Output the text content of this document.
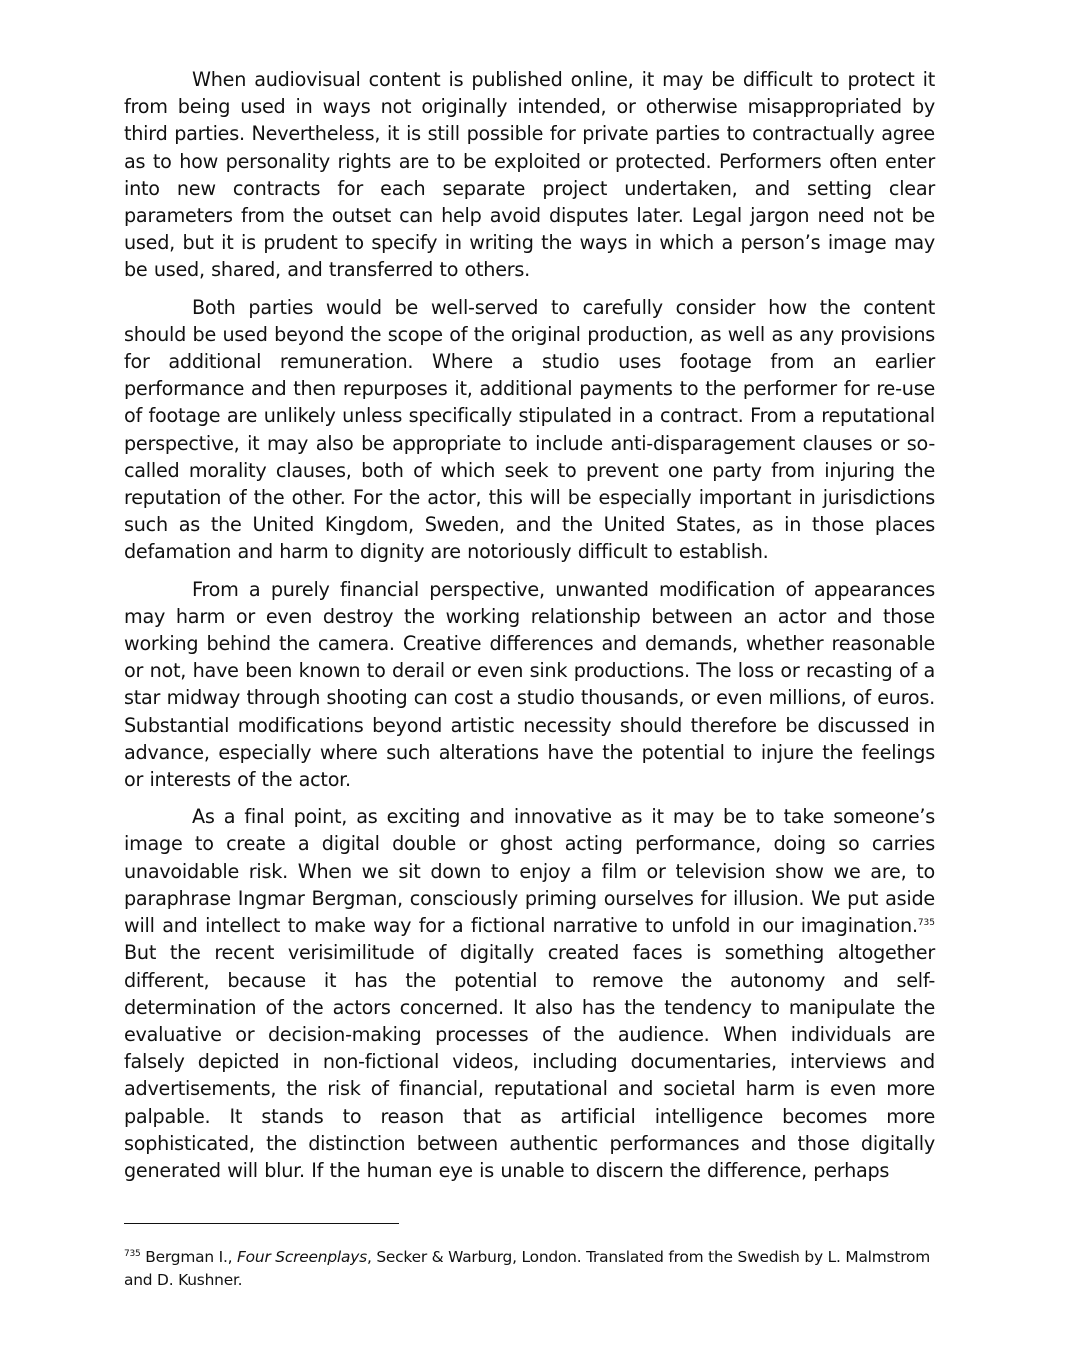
When audiovisual content is published online, it may be difficult to protect it from being used in ways not originally intended, or otherwise misappropriated by third parties. Nevertheless, it is still possible for private parties to contractually agree as to how personality rights are to be exploited or protected. Performers often enter into new contracts for each separate project undertaken, and setting clear parameters from the outset can help avoid disputes later. Legal jargon need not be used, but it is prudent to specify in writing the ways in which a person’s image may be used, shared, and transferred to others.

Both parties would be well-served to carefully consider how the content should be used beyond the scope of the original production, as well as any provisions for additional remuneration. Where a studio uses footage from an earlier performance and then repurposes it, additional payments to the performer for re-use of footage are unlikely unless specifically stipulated in a contract. From a reputational perspective, it may also be appropriate to include anti-disparagement clauses or so-called morality clauses, both of which seek to prevent one party from injuring the reputation of the other. For the actor, this will be especially important in jurisdictions such as the United Kingdom, Sweden, and the United States, as in those places defamation and harm to dignity are notoriously difficult to establish.

From a purely financial perspective, unwanted modification of appearances may harm or even destroy the working relationship between an actor and those working behind the camera. Creative differences and demands, whether reasonable or not, have been known to derail or even sink productions. The loss or recasting of a star midway through shooting can cost a studio thousands, or even millions, of euros. Substantial modifications beyond artistic necessity should therefore be discussed in advance, especially where such alterations have the potential to injure the feelings or interests of the actor.

As a final point, as exciting and innovative as it may be to take someone’s image to create a digital double or ghost acting performance, doing so carries unavoidable risk. When we sit down to enjoy a film or television show we are, to paraphrase Ingmar Bergman, consciously priming ourselves for illusion. We put aside will and intellect to make way for a fictional narrative to unfold in our imagination.$^{735}$ But the recent verisimilitude of digitally created faces is something altogether different, because it has the potential to remove the autonomy and self-determination of the actors concerned. It also has the tendency to manipulate the evaluative or decision-making processes of the audience. When individuals are falsely depicted in non-fictional videos, including documentaries, interviews and advertisements, the risk of financial, reputational and societal harm is even more palpable. It stands to reason that as artificial intelligence becomes more sophisticated, the distinction between authentic performances and those digitally generated will blur. If the human eye is unable to discern the difference, perhaps

$^{735}$ Bergman I., Four Screenplays, Secker & Warburg, London. Translated from the Swedish by L. Malmstrom and D. Kushner.
